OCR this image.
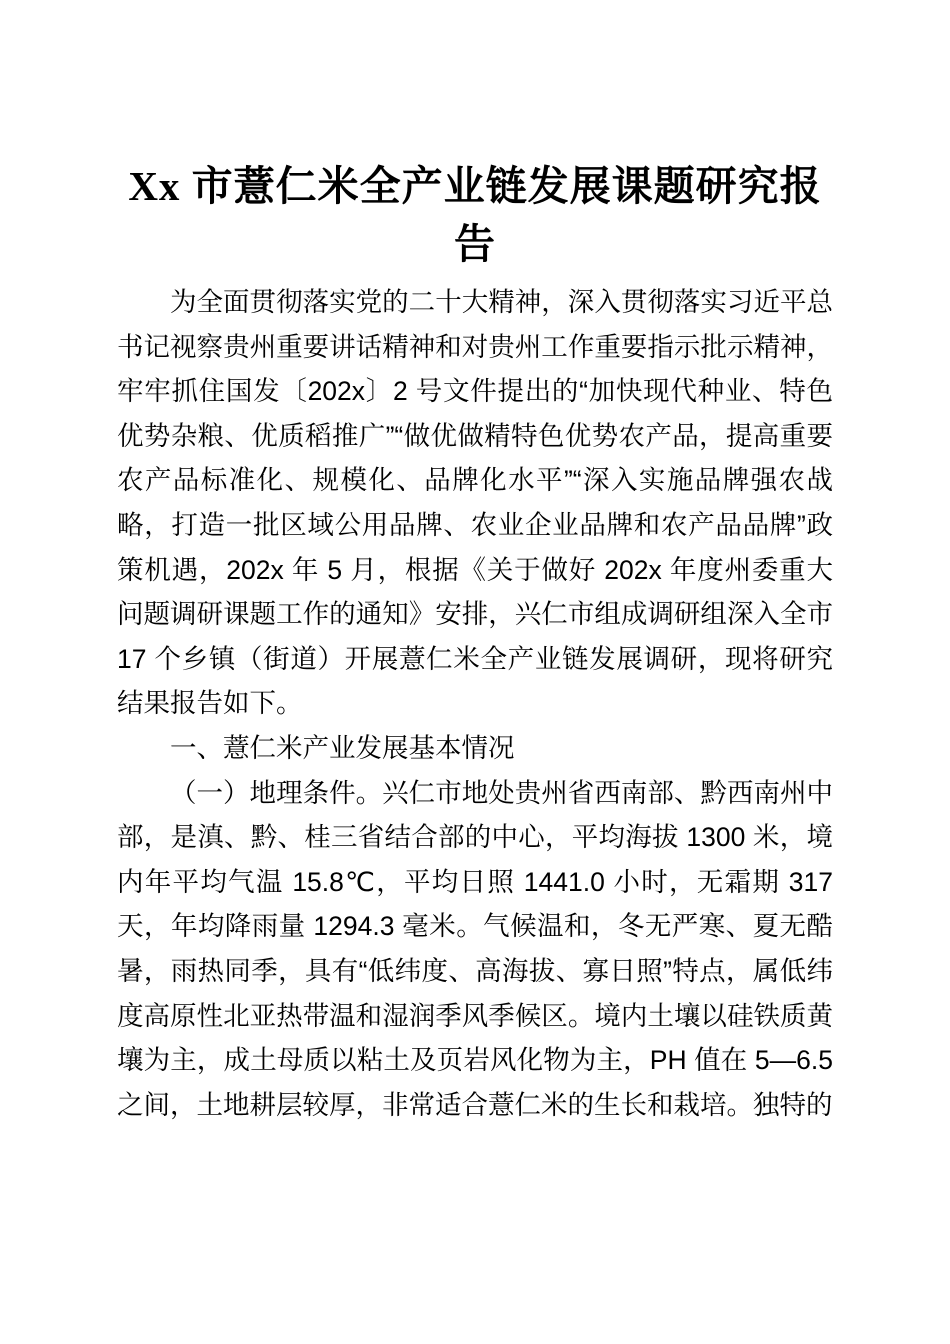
Xx 市薏仁米全产业链发展课题研究报告

为全面贯彻落实党的二十大精神，深入贯彻落实习近平总书记视察贵州重要讲话精神和对贵州工作重要指示批示精神，牢牢抓住国发〔202x〕2 号文件提出的“加快现代种业、特色优势杂粮、优质稻推广”“做优做精特色优势农产品，提高重要农产品标准化、规模化、品牌化水平”“深入实施品牌强农战略，打造一批区域公用品牌、农业企业品牌和农产品品牌”政策机遇，202x 年 5 月，根据《关于做好 202x 年度州委重大问题调研课题工作的通知》安排，兴仁市组成调研组深入全市 17 个乡镇（街道）开展薏仁米全产业链发展调研，现将研究结果报告如下。

一、薏仁米产业发展基本情况

（一）地理条件。兴仁市地处贵州省西南部、黔西南州中部，是滇、黔、桂三省结合部的中心，平均海拔 1300 米，境内年平均气温 15.8℃，平均日照 1441.0 小时，无霜期 317 天，年均降雨量 1294.3 毫米。气候温和，冬无严寒、夏无酷暑，雨热同季，具有“低纬度、高海拔、寡日照”特点，属低纬度高原性北亚热带温和湿润季风季候区。境内土壤以硅铁质黄壤为主，成土母质以粘土及页岩风化物为主，PH 值在 5—6.5 之间，土地耕层较厚，非常适合薏仁米的生长和栽培。独特的
